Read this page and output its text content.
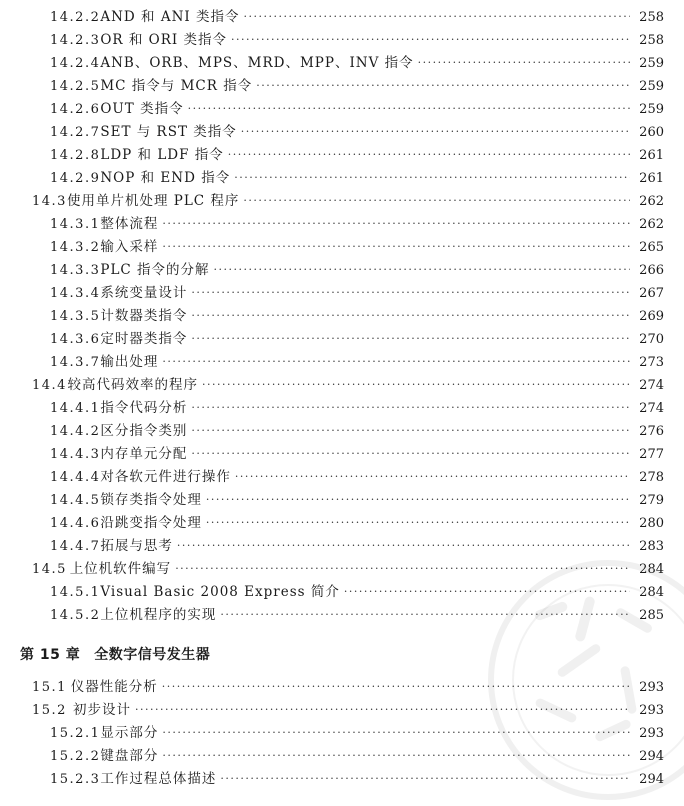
14.2.2 AND 和 ANI 类指令 ·····	258
14.2.3 OR 和 ORI 类指令 ·····	258
14.2.4 ANB、ORB、MPS、MRD、MPP、INV 指令 ·····	259
14.2.5 MC 指令与 MCR 指令 ·····	259
14.2.6 OUT 类指令 ·····	259
14.2.7 SET 与 RST 类指令 ·····	260
14.2.8 LDP 和 LDF 指令 ·····	261
14.2.9 NOP 和 END 指令 ·····	261
14.3 使用单片机处理 PLC 程序 ·····	262
14.3.1 整体流程 ·····	262
14.3.2 输入采样 ·····	265
14.3.3 PLC 指令的分解 ·····	266
14.3.4 系统变量设计 ·····	267
14.3.5 计数器类指令 ·····	269
14.3.6 定时器类指令 ·····	270
14.3.7 输出处理 ·····	273
14.4 较高代码效率的程序 ·····	274
14.4.1 指令代码分析 ·····	274
14.4.2 区分指令类别 ·····	276
14.4.3 内存单元分配 ·····	277
14.4.4 对各软元件进行操作 ·····	278
14.4.5 锁存类指令处理 ·····	279
14.4.6 沿跳变指令处理 ·····	280
14.4.7 拓展与思考 ·····	283
14.5 上位机软件编写 ·····	284
14.5.1 Visual Basic 2008 Express 简介 ·····	284
14.5.2 上位机程序的实现 ·····	285
第 15 章 全数字信号发生器
15.1 仪器性能分析 ·····	293
15.2 初步设计 ·····	293
15.2.1 显示部分 ·····	293
15.2.2 键盘部分 ·····	294
15.2.3 工作过程总体描述 ·····	294
